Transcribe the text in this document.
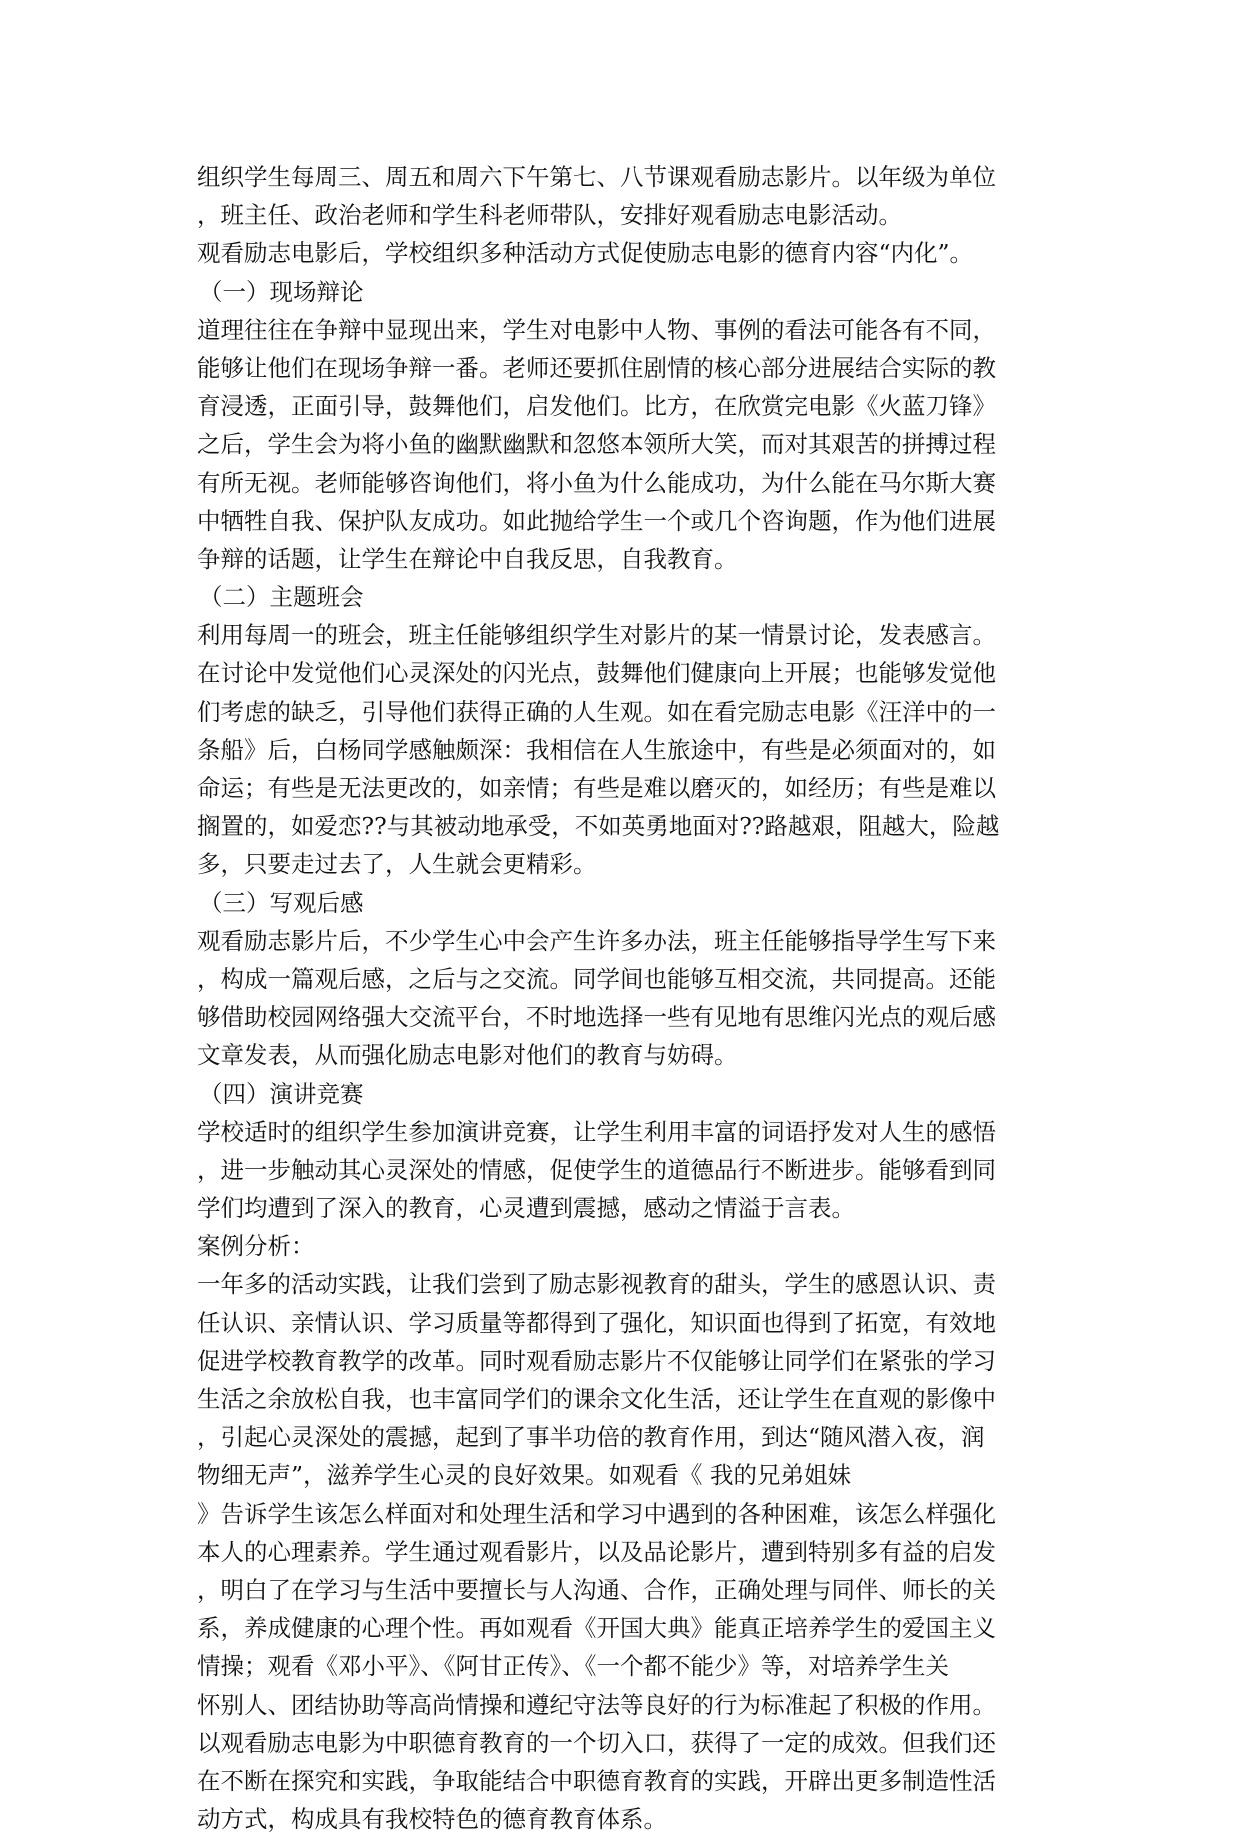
组织学生每周三、周五和周六下午第七、八节课观看励志影片。以年级为单位
，班主任、政治老师和学生科老师带队，安排好观看励志电影活动。
观看励志电影后，学校组织多种活动方式促使励志电影的德育内容“内化”。
（一）现场辩论
道理往往在争辩中显现出来，学生对电影中人物、事例的看法可能各有不同，
能够让他们在现场争辩一番。老师还要抓住剧情的核心部分进展结合实际的教
育浸透，正面引导，鼓舞他们，启发他们。比方，在欣赏完电影《火蓝刀锋》
之后，学生会为将小鱼的幽默幽默和忽悠本领所大笑，而对其艰苦的拼搏过程
有所无视。老师能够咨询他们，将小鱼为什么能成功，为什么能在马尔斯大赛
中牺牲自我、保护队友成功。如此抛给学生一个或几个咨询题，作为他们进展
争辩的话题，让学生在辩论中自我反思，自我教育。
（二）主题班会
利用每周一的班会，班主任能够组织学生对影片的某一情景讨论，发表感言。
在讨论中发觉他们心灵深处的闪光点，鼓舞他们健康向上开展；也能够发觉他
们考虑的缺乏，引导他们获得正确的人生观。如在看完励志电影《汪洋中的一
条船》后，白杨同学感触颇深：我相信在人生旅途中，有些是必须面对的，如
命运；有些是无法更改的，如亲情；有些是难以磨灭的，如经历；有些是难以
搁置的，如爱恋??与其被动地承受，不如英勇地面对??路越艰，阻越大，险越
多，只要走过去了，人生就会更精彩。
（三）写观后感
观看励志影片后，不少学生心中会产生许多办法，班主任能够指导学生写下来
，构成一篇观后感，之后与之交流。同学间也能够互相交流，共同提高。还能
够借助校园网络强大交流平台，不时地选择一些有见地有思维闪光点的观后感
文章发表，从而强化励志电影对他们的教育与妨碍。
（四）演讲竞赛
学校适时的组织学生参加演讲竞赛，让学生利用丰富的词语抒发对人生的感悟
，进一步触动其心灵深处的情感，促使学生的道德品行不断进步。能够看到同
学们均遭到了深入的教育，心灵遭到震撼，感动之情溢于言表。
案例分析：
一年多的活动实践，让我们尝到了励志影视教育的甜头，学生的感恩认识、责
任认识、亲情认识、学习质量等都得到了强化，知识面也得到了拓宽，有效地
促进学校教育教学的改革。同时观看励志影片不仅能够让同学们在紧张的学习
生活之余放松自我，也丰富同学们的课余文化生活，还让学生在直观的影像中
，引起心灵深处的震撼，起到了事半功倍的教育作用，到达“随风潜入夜，润
物细无声”，滋养学生心灵的良好效果。如观看《 我的兄弟姐妹
》告诉学生该怎么样面对和处理生活和学习中遇到的各种困难，该怎么样强化
本人的心理素养。学生通过观看影片，以及品论影片，遭到特别多有益的启发
，明白了在学习与生活中要擅长与人沟通、合作，正确处理与同伴、师长的关
系，养成健康的心理个性。再如观看《开国大典》能真正培养学生的爱国主义
情操；观看《邓小平》、《阿甘正传》、《一个都不能少》等，对培养学生关
怀别人、团结协助等高尚情操和遵纪守法等良好的行为标准起了积极的作用。
以观看励志电影为中职德育教育的一个切入口，获得了一定的成效。但我们还
在不断在探究和实践，争取能结合中职德育教育的实践，开辟出更多制造性活
动方式，构成具有我校特色的德育教育体系。
